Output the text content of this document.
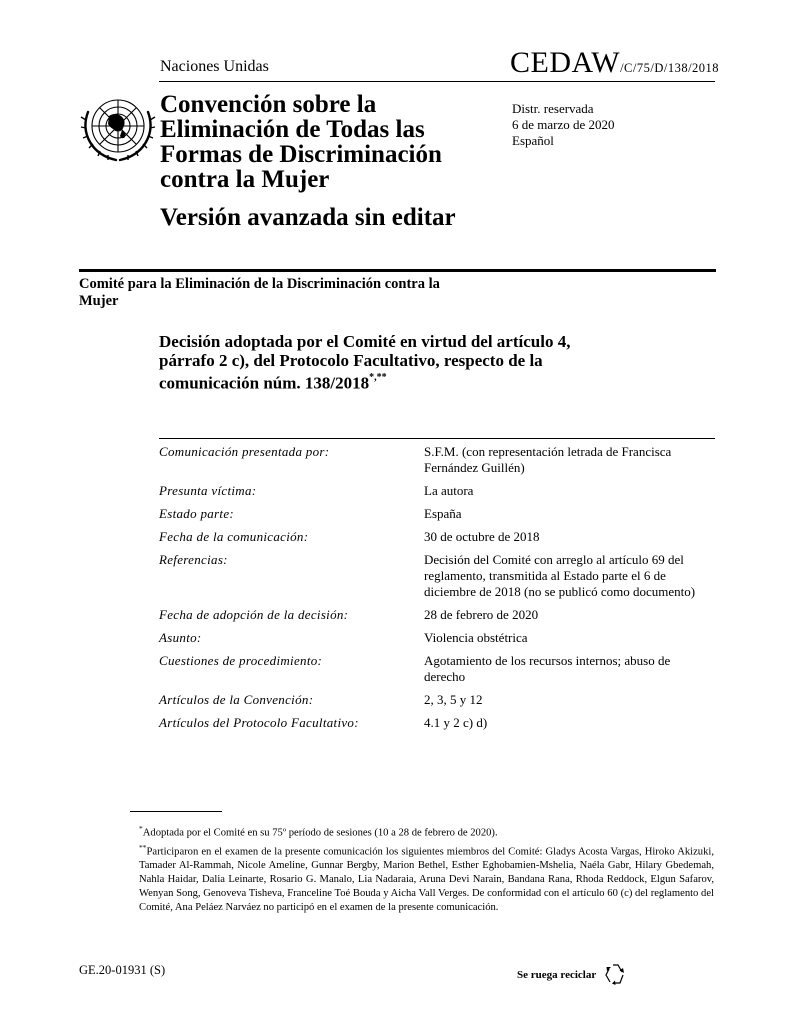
Naciones Unidas	CEDAW/C/75/D/138/2018
Convención sobre la Eliminación de Todas las Formas de Discriminación contra la Mujer
Versión avanzada sin editar
Distr. reservada
6 de marzo de 2020
Español
Comité para la Eliminación de la Discriminación contra la Mujer
Decisión adoptada por el Comité en virtud del artículo 4, párrafo 2 c), del Protocolo Facultativo, respecto de la comunicación núm. 138/2018*,**
Comunicación presentada por:	S.F.M. (con representación letrada de Francisca Fernández Guillén)
Presunta víctima:	La autora
Estado parte:	España
Fecha de la comunicación:	30 de octubre de 2018
Referencias:	Decisión del Comité con arreglo al artículo 69 del reglamento, transmitida al Estado parte el 6 de diciembre de 2018 (no se publicó como documento)
Fecha de adopción de la decisión:	28 de febrero de 2020
Asunto:	Violencia obstétrica
Cuestiones de procedimiento:	Agotamiento de los recursos internos; abuso de derecho
Artículos de la Convención:	2, 3, 5 y 12
Artículos del Protocolo Facultativo:	4.1 y 2 c) d)
*Adoptada por el Comité en su 75º período de sesiones (10 a 28 de febrero de 2020).
**Participaron en el examen de la presente comunicación los siguientes miembros del Comité: Gladys Acosta Vargas, Hiroko Akizuki, Tamader Al-Rammah, Nicole Ameline, Gunnar Bergby, Marion Bethel, Esther Eghobamien-Mshelia, Naéla Gabr, Hilary Gbedemah, Nahla Haidar, Dalia Leinarte, Rosario G. Manalo, Lia Nadaraia, Aruna Devi Narain, Bandana Rana, Rhoda Reddock, Elgun Safarov, Wenyan Song, Genoveva Tisheva, Franceline Toé Bouda y Aicha Vall Verges. De conformidad con el artículo 60 (c) del reglamento del Comité, Ana Peláez Narváez no participó en el examen de la presente comunicación.
GE.20-01931 (S)	Se ruega reciclar
